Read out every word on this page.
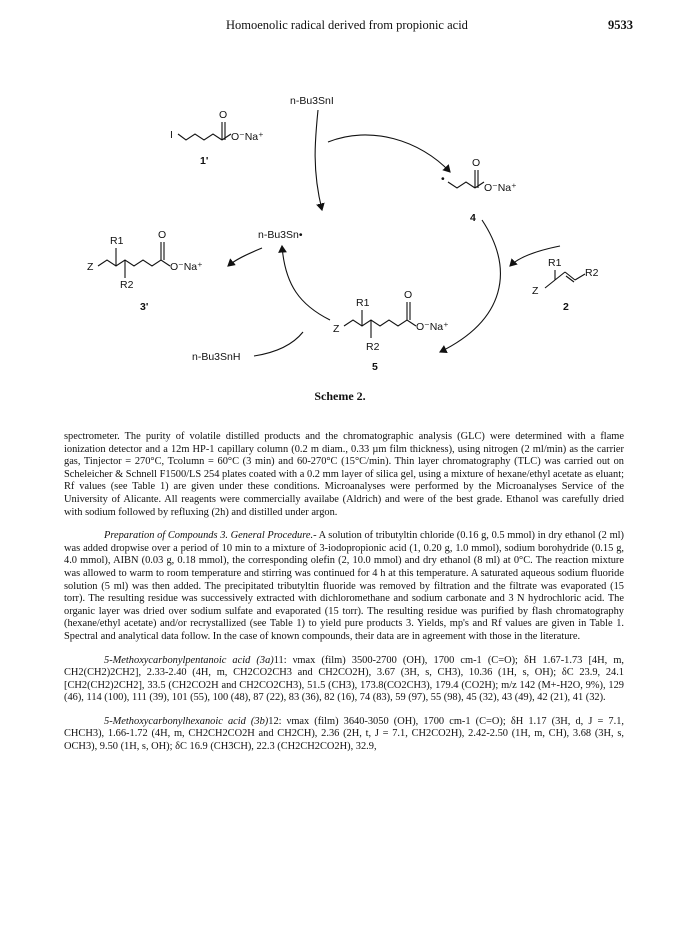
Homoenolic radical derived from propionic acid	9533
I
O
O⁻Na⁺
1'
n-Bu3SnI
•
O
O⁻Na⁺
4
R1
Z
R2
2
Z
R1
R2
O
O⁻Na⁺
5
n-Bu3Sn•
n-Bu3SnH
Z
R1
R2
O
O⁻Na⁺
3'
Scheme 2.

spectrometer. The purity of volatile distilled products and the chromatographic analysis (GLC) were determined with a flame ionization detector and a 12m HP-1 capillary column (0.2 m diam., 0.33 µm film thickness), using nitrogen (2 ml/min) as the carrier gas, Tinjector = 270°C, Tcolumn = 60°C (3 min) and 60-270°C (15°C/min). Thin layer chromatography (TLC) was carried out on Scheleicher & Schnell F1500/LS 254 plates coated with a 0.2 mm layer of silica gel, using a mixture of hexane/ethyl acetate as eluant; Rf values (see Table 1) are given under these conditions. Microanalyses were performed by the Microanalyses Service of the University of Alicante. All reagents were commercially availabe (Aldrich) and were of the best grade. Ethanol was carefully dried with sodium followed by refluxing (2h) and distilled under argon.

Preparation of Compounds 3. General Procedure.- A solution of tributyltin chloride (0.16 g, 0.5 mmol) in dry ethanol (2 ml) was added dropwise over a period of 10 min to a mixture of 3-iodopropionic acid (1, 0.20 g, 1.0 mmol), sodium borohydride (0.15 g, 4.0 mmol), AIBN (0.03 g, 0.18 mmol), the corresponding olefin (2, 10.0 mmol) and dry ethanol (8 ml) at 0°C. The reaction mixture was allowed to warm to room temperature and stirring was continued for 4 h at this temperature. A saturated aqueous sodium fluoride solution (5 ml) was then added. The precipitated tributyltin fluoride was removed by filtration and the filtrate was evaporated (15 torr). The resulting residue was successively extracted with dichloromethane and sodium carbonate and 3 N hydrochloric acid. The organic layer was dried over sodium sulfate and evaporated (15 torr). The resulting residue was purified by flash chromatography (hexane/ethyl acetate) and/or recrystallized (see Table 1) to yield pure products 3. Yields, mp's and Rf values are given in Table 1. Spectral and analytical data follow. In the case of known compounds, their data are in agreement with those in the literature.

5-Methoxycarbonylpentanoic acid (3a)11: νmax (film) 3500-2700 (OH), 1700 cm-1 (C=O); δH 1.67-1.73 [4H, m, CH2(CH2)2CH2], 2.33-2.40 (4H, m, CH2CO2CH3 and CH2CO2H), 3.67 (3H, s, CH3), 10.36 (1H, s, OH); δC 23.9, 24.1 [CH2(CH2)2CH2], 33.5 (CH2CO2H and CH2CO2CH3), 51.5 (CH3), 173.8(CO2CH3), 179.4 (CO2H); m/z 142 (M+-H2O, 9%), 129 (46), 114 (100), 111 (39), 101 (55), 100 (48), 87 (22), 83 (36), 82 (16), 74 (83), 59 (97), 55 (98), 45 (32), 43 (49), 42 (21), 41 (32).

5-Methoxycarbonylhexanoic acid (3b)12: νmax (film) 3640-3050 (OH), 1700 cm-1 (C=O); δH 1.17 (3H, d, J = 7.1, CHCH3), 1.66-1.72 (4H, m, CH2CH2CO2H and CH2CH), 2.36 (2H, t, J = 7.1, CH2CO2H), 2.42-2.50 (1H, m, CH), 3.68 (3H, s, OCH3), 9.50 (1H, s, OH); δC 16.9 (CH3CH), 22.3 (CH2CH2CO2H), 32.9,
